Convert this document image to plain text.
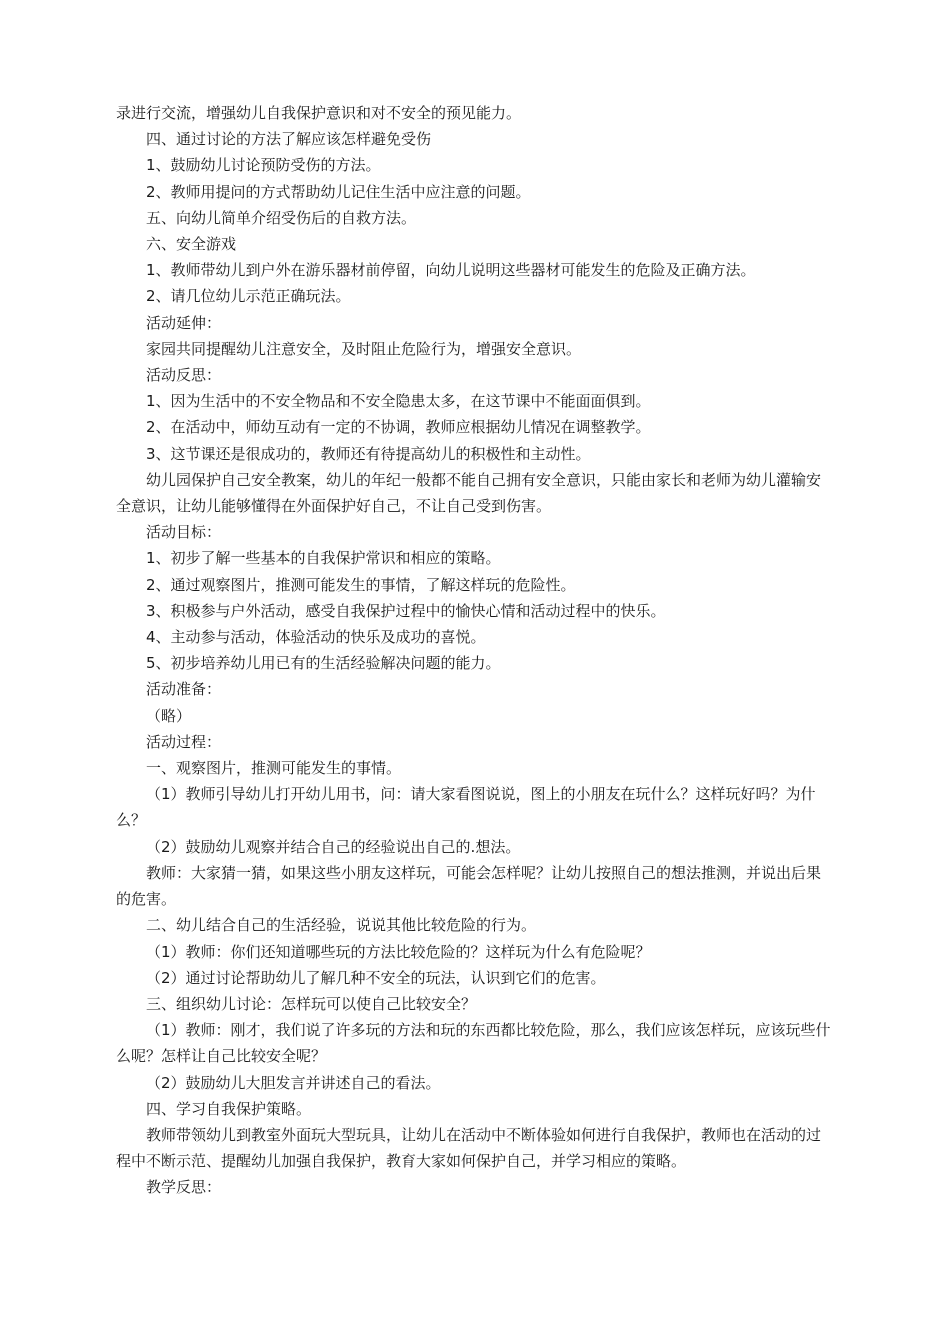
录进行交流，增强幼儿自我保护意识和对不安全的预见能力。

四、通过讨论的方法了解应该怎样避免受伤

1、鼓励幼儿讨论预防受伤的方法。

2、教师用提问的方式帮助幼儿记住生活中应注意的问题。

五、向幼儿简单介绍受伤后的自救方法。

六、安全游戏

1、教师带幼儿到户外在游乐器材前停留，向幼儿说明这些器材可能发生的危险及正确方法。

2、请几位幼儿示范正确玩法。

活动延伸：

家园共同提醒幼儿注意安全，及时阻止危险行为，增强安全意识。

活动反思：

1、因为生活中的不安全物品和不安全隐患太多，在这节课中不能面面俱到。

2、在活动中，师幼互动有一定的不协调，教师应根据幼儿情况在调整教学。

3、这节课还是很成功的，教师还有待提高幼儿的积极性和主动性。

幼儿园保护自己安全教案，幼儿的年纪一般都不能自己拥有安全意识，只能由家长和老师为幼儿灌输安全意识，让幼儿能够懂得在外面保护好自己，不让自己受到伤害。

活动目标：

1、初步了解一些基本的自我保护常识和相应的策略。

2、通过观察图片，推测可能发生的事情，了解这样玩的危险性。

3、积极参与户外活动，感受自我保护过程中的愉快心情和活动过程中的快乐。

4、主动参与活动，体验活动的快乐及成功的喜悦。

5、初步培养幼儿用已有的生活经验解决问题的能力。

活动准备：

（略）

活动过程：

一、观察图片，推测可能发生的事情。

（1）教师引导幼儿打开幼儿用书，问：请大家看图说说，图上的小朋友在玩什么？这样玩好吗？为什么？

（2）鼓励幼儿观察并结合自己的经验说出自己的.想法。

教师：大家猜一猜，如果这些小朋友这样玩，可能会怎样呢？让幼儿按照自己的想法推测，并说出后果的危害。

二、幼儿结合自己的生活经验，说说其他比较危险的行为。

（1）教师：你们还知道哪些玩的方法比较危险的？这样玩为什么有危险呢？

（2）通过讨论帮助幼儿了解几种不安全的玩法，认识到它们的危害。

三、组织幼儿讨论：怎样玩可以使自己比较安全？

（1）教师：刚才，我们说了许多玩的方法和玩的东西都比较危险，那么，我们应该怎样玩，应该玩些什么呢？怎样让自己比较安全呢？

（2）鼓励幼儿大胆发言并讲述自己的看法。

四、学习自我保护策略。

教师带领幼儿到教室外面玩大型玩具，让幼儿在活动中不断体验如何进行自我保护，教师也在活动的过程中不断示范、提醒幼儿加强自我保护，教育大家如何保护自己，并学习相应的策略。

教学反思：
